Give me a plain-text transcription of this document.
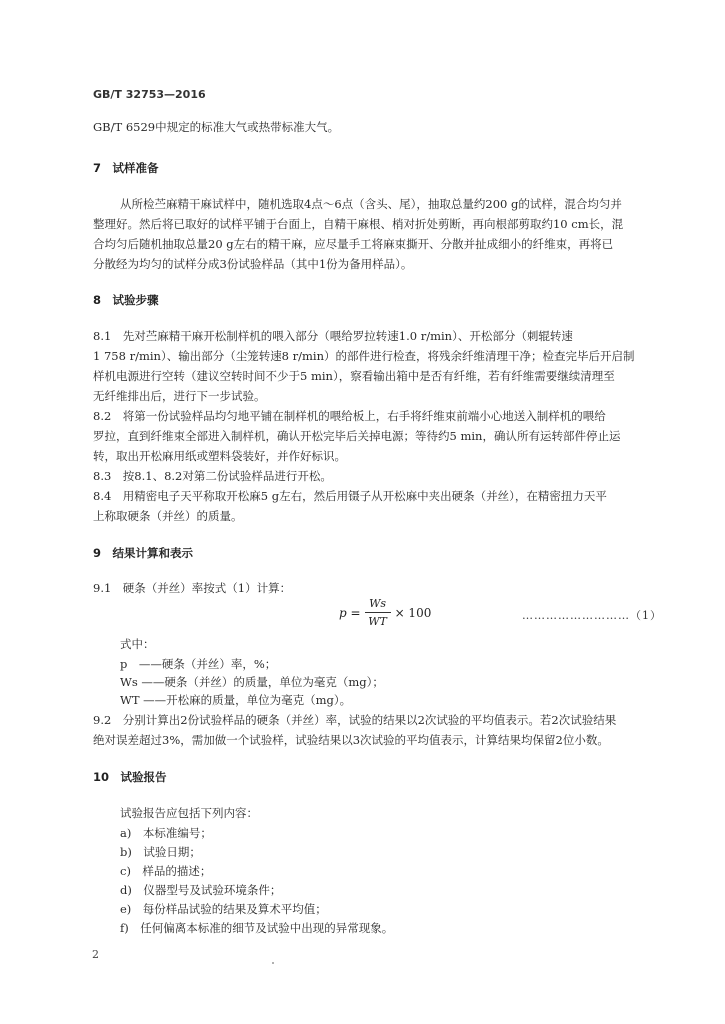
GB/T 32753—2016
GB/T 6529中规定的标准大气或热带标准大气。
7　试样准备
从所检苎麻精干麻试样中，随机选取4点～6点（含头、尾），抽取总量约200 g的试样，混合均匀并
整理好。然后将已取好的试样平铺于台面上，自精干麻根、梢对折处剪断，再向根部剪取约10 cm长，混
合均匀后随机抽取总量20 g左右的精干麻，应尽量手工将麻束撕开、分散并扯成细小的纤维束，再将已
分散经为均匀的试样分成3份试验样品（其中1份为备用样品）。
8　试验步骤
8.1　先对苎麻精干麻开松制样机的喂入部分（喂给罗拉转速1.0 r/min）、开松部分（刺辊转速
1 758 r/min）、输出部分（尘笼转速8 r/min）的部件进行检查，将残余纤维清理干净；检查完毕后开启制
样机电源进行空转（建议空转时间不少于5 min），察看输出箱中是否有纤维，若有纤维需要继续清理至
无纤维排出后，进行下一步试验。
8.2　将第一份试验样品均匀地平铺在制样机的喂给板上，右手将纤维束前端小心地送入制样机的喂给
罗拉，直到纤维束全部进入制样机，确认开松完毕后关掉电源；等待约5 min，确认所有运转部件停止运
转，取出开松麻用纸或塑料袋装好，并作好标识。
8.3　按8.1、8.2对第二份试验样品进行开松。
8.4　用精密电子天平称取开松麻5 g左右，然后用镊子从开松麻中夹出硬条（并丝），在精密扭力天平
上称取硬条（并丝）的质量。
9　结果计算和表示
9.1　硬条（并丝）率按式（1）计算：
$p = \frac{Ws}{WT} \times 100$	………………………（1）
式中：
p　——硬条（并丝）率，%；
Ws ——硬条（并丝）的质量，单位为毫克（mg）；
WT ——开松麻的质量，单位为毫克（mg）。
9.2　分别计算出2份试验样品的硬条（并丝）率，试验的结果以2次试验的平均值表示。若2次试验结果
绝对误差超过3%，需加做一个试验样，试验结果以3次试验的平均值表示，计算结果均保留2位小数。
10　试验报告
试验报告应包括下列内容：
a)　本标准编号；
b)　试验日期；
c)　样品的描述；
d)　仪器型号及试验环境条件；
e)　每份样品试验的结果及算术平均值；
f)　任何偏离本标准的细节及试验中出现的异常现象。
2
